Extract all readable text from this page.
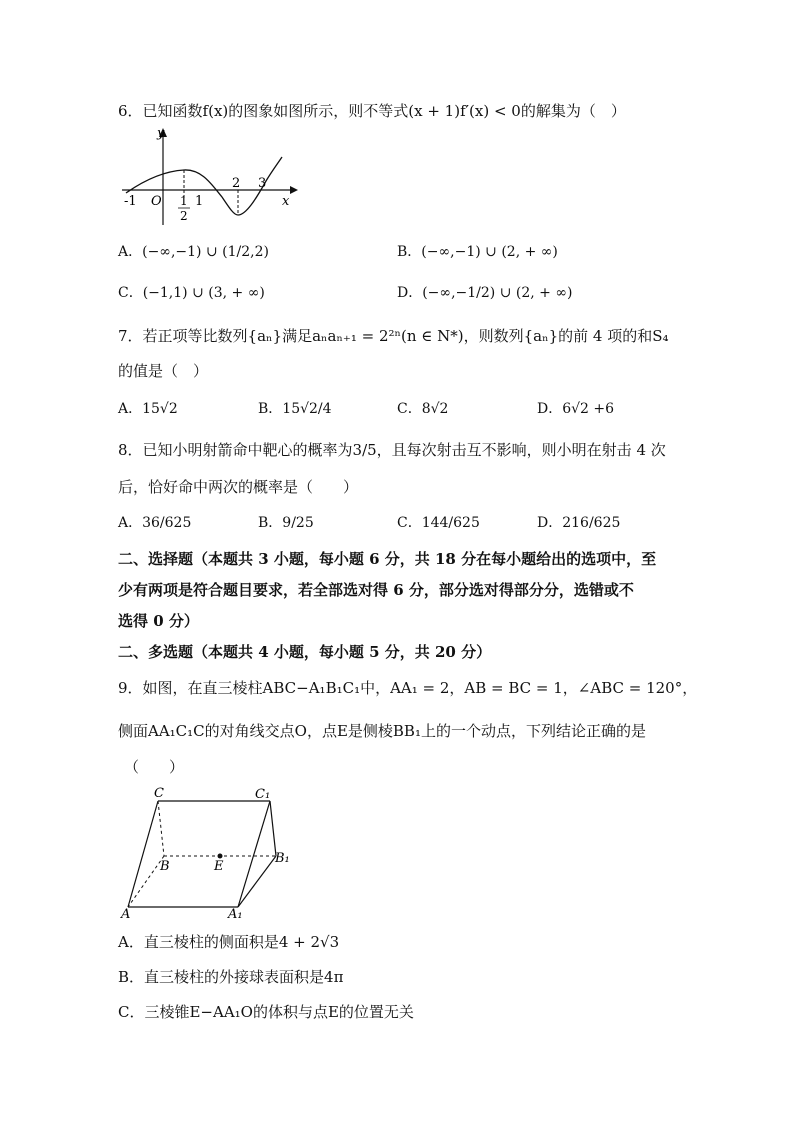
6．已知函数f(x)的图象如图所示，则不等式(x + 1)f′(x) < 0的解集为（　）
y
x
O
-1	1
2
1
2 3
A．(−∞,−1) ∪ (1/2,2)	B．(−∞,−1) ∪ (2, + ∞)
C．(−1,1) ∪ (3, + ∞)	D．(−∞,−1/2) ∪ (2, + ∞)
7．若正项等比数列{aₙ}满足aₙaₙ₊₁ = 2²ⁿ(n ∈ N*)，则数列{aₙ}的前 4 项的和S₄
的值是（　）
A．15√2	B．15√2/4	C．8√2	D．6√2 +6
8．已知小明射箭命中靶心的概率为3/5，且每次射击互不影响，则小明在射击 4 次
后，恰好命中两次的概率是（　　）
A．36/625	B．9/25	C．144/625	D．216/625
二、选择题（本题共 3 小题，每小题 6 分，共 18 分在每小题给出的选项中，至
少有两项是符合题目要求，若全部选对得 6 分，部分选对得部分分，选错或不
选得 0 分）
二、多选题（本题共 4 小题，每小题 5 分，共 20 分）
9．如图，在直三棱柱ABC−A₁B₁C₁中，AA₁ = 2，AB = BC = 1，∠ABC = 120°，
侧面AA₁C₁C的对角线交点O，点E是侧棱BB₁上的一个动点，下列结论正确的是
（　　）
C	C₁
B	E
B₁
A	A₁
A．直三棱柱的侧面积是4 + 2√3
B．直三棱柱的外接球表面积是4π
C．三棱锥E−AA₁O的体积与点E的位置无关
